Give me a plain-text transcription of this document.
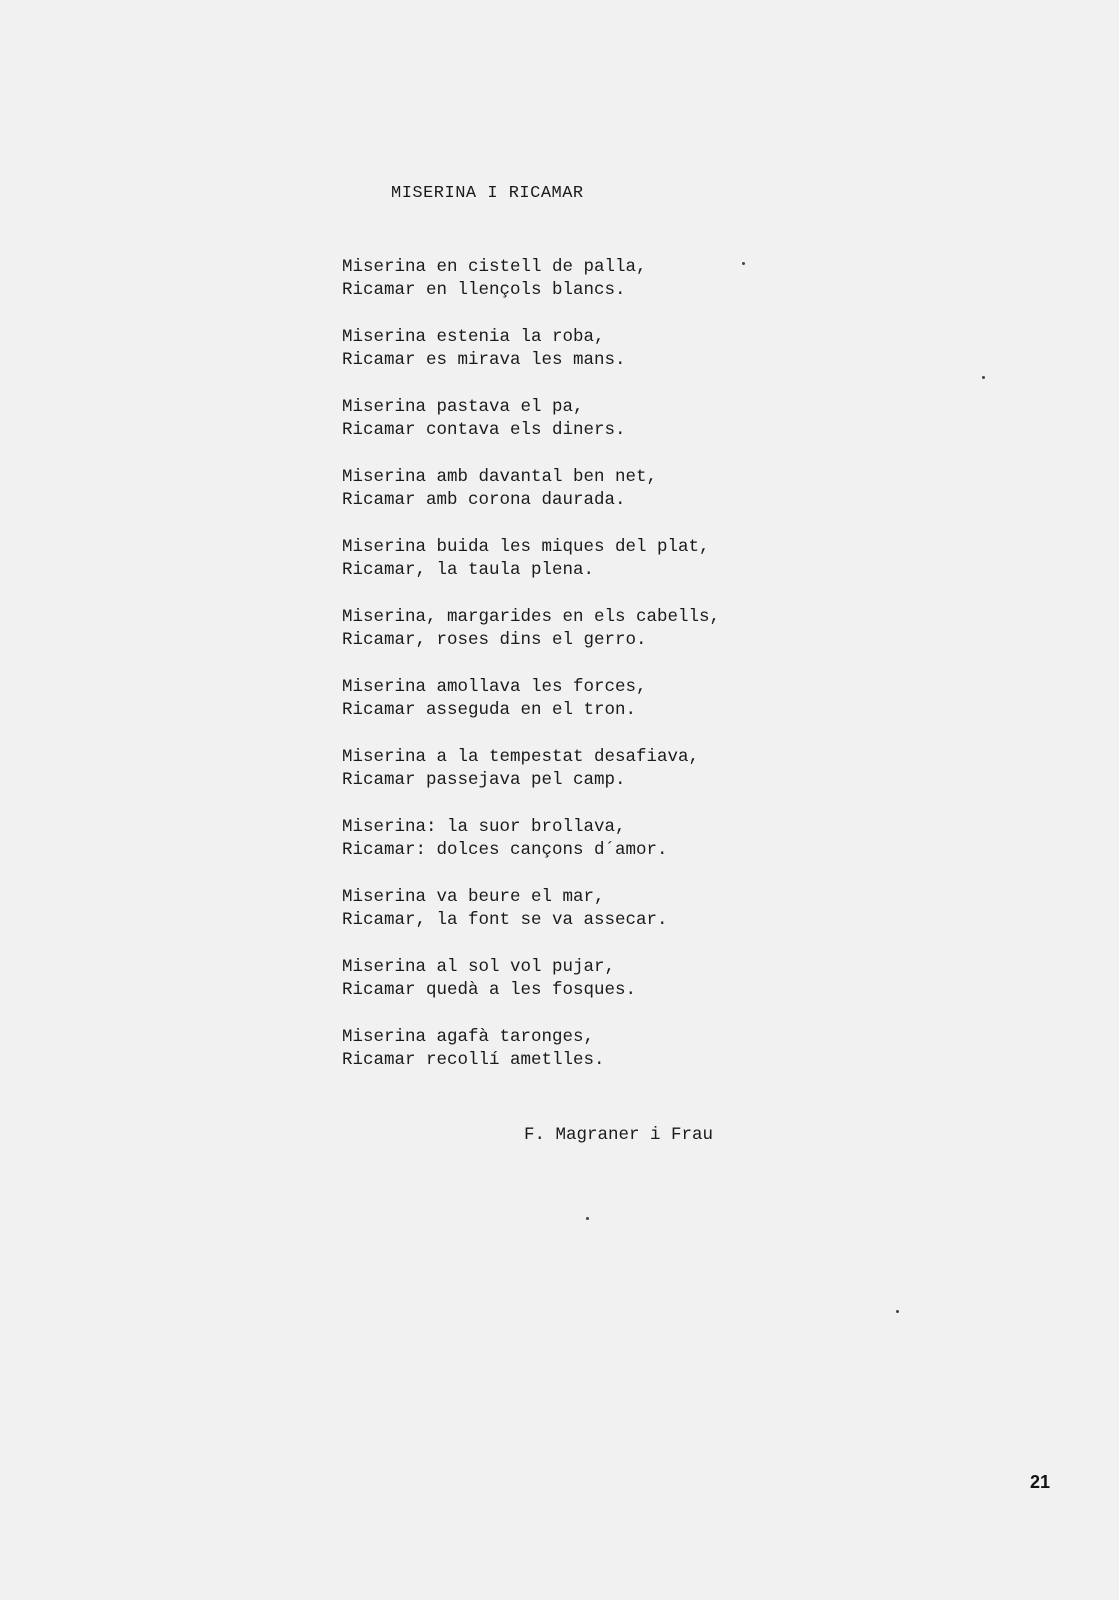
MISERINA I RICAMAR
Miserina en cistell de palla,
Ricamar en llençols blancs.
Miserina estenia la roba,
Ricamar es mirava les mans.
Miserina pastava el pa,
Ricamar contava els diners.
Miserina amb davantal ben net,
Ricamar amb corona daurada.
Miserina buida les miques del plat,
Ricamar, la taula plena.
Miserina, margarides en els cabells,
Ricamar, roses dins el gerro.
Miserina amollava les forces,
Ricamar asseguda en el tron.
Miserina a la tempestat desafiava,
Ricamar passejava pel camp.
Miserina: la suor brollava,
Ricamar: dolces cançons d´amor.
Miserina va beure el mar,
Ricamar, la font se va assecar.
Miserina al sol vol pujar,
Ricamar quedà a les fosques.
Miserina agafà taronges,
Ricamar recollí ametlles.
F. Magraner i Frau
21
